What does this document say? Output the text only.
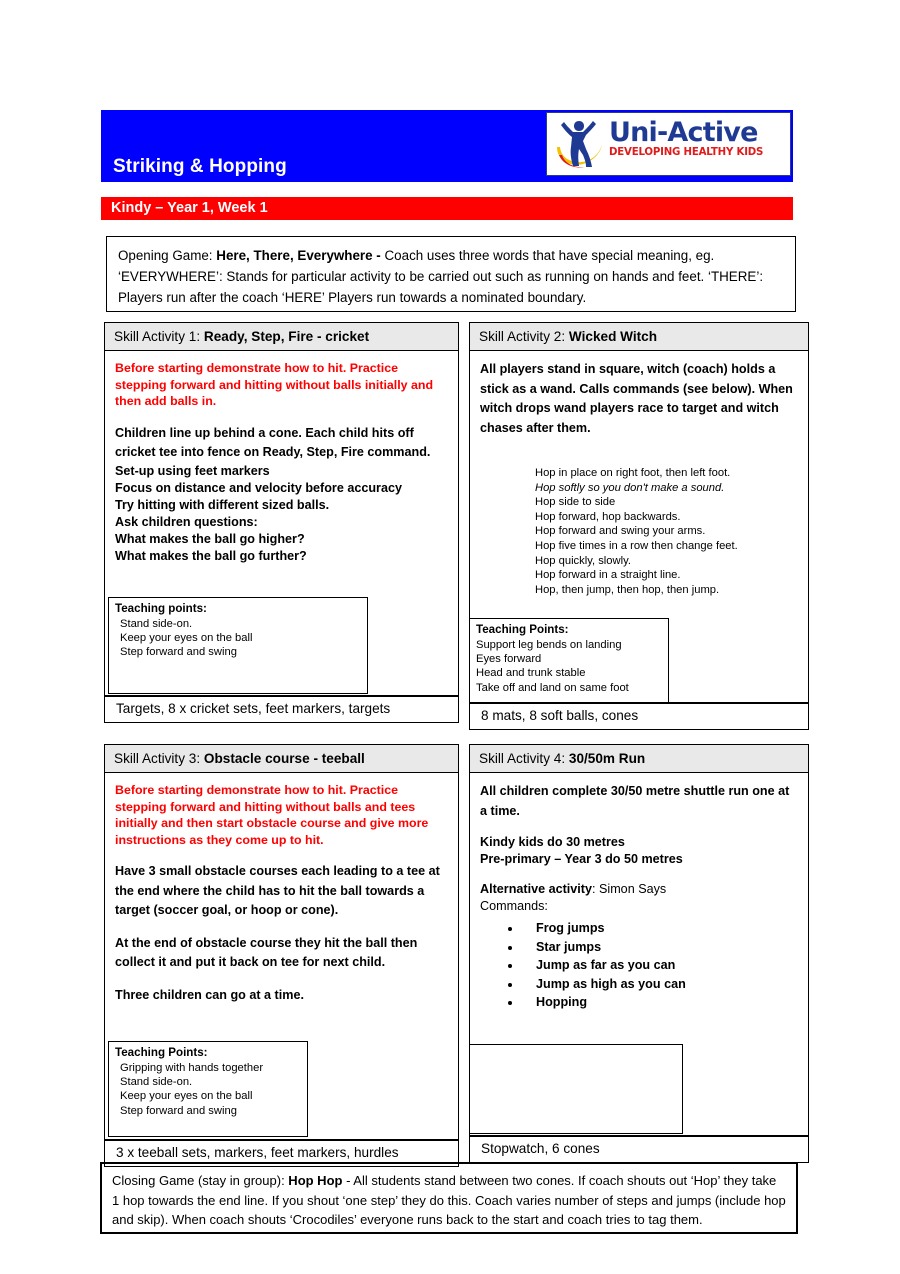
Striking & Hopping
Uni-Active
DEVELOPING HEALTHY KIDS
Kindy – Year 1, Week 1
Opening Game: Here, There, Everywhere - Coach uses three words that have special meaning, eg. ‘EVERYWHERE’: Stands for particular activity to be carried out such as running on hands and feet. ‘THERE’: Players run after the coach ‘HERE’ Players run towards a nominated boundary.
Skill Activity 1: Ready, Step, Fire - cricket
Before starting demonstrate how to hit. Practice stepping forward and hitting without balls initially and then add balls in.
Children line up behind a cone. Each child hits off cricket tee into fence on Ready, Step, Fire command.
Set-up using feet markers
Focus on distance and velocity before accuracy
Try hitting with different sized balls.
Ask children questions:
What makes the ball go higher?
What makes the ball go further?
Teaching points:
Stand side-on.
Keep your eyes on the ball
Step forward and swing
Targets, 8 x cricket sets, feet markers, targets
Skill Activity 2: Wicked Witch
All players stand in square, witch (coach) holds a stick as a wand. Calls commands (see below). When witch drops wand players race to target and witch chases after them.
Hop in place on right foot, then left foot.
Hop softly so you don't make a sound.
Hop side to side
Hop forward, hop backwards.
Hop forward and swing your arms.
Hop five times in a row then change feet.
Hop quickly, slowly.
Hop forward in a straight line.
Hop, then jump, then hop, then jump.
Teaching Points:
Support leg bends on landing
Eyes forward
Head and trunk stable
Take off and land on same foot
8 mats, 8 soft balls, cones
Skill Activity 3: Obstacle course - teeball
Before starting demonstrate how to hit. Practice stepping forward and hitting without balls and tees initially and then start obstacle course and give more instructions as they come up to hit.
Have 3 small obstacle courses each leading to a tee at the end where the child has to hit the ball towards a target (soccer goal, or hoop or cone).
At the end of obstacle course they hit the ball then collect it and put it back on tee for next child.
Three children can go at a time.
Teaching Points:
Gripping with hands together
Stand side-on.
Keep your eyes on the ball
Step forward and swing
3 x teeball sets, markers, feet markers, hurdles
Skill Activity 4: 30/50m Run
All children complete 30/50 metre shuttle run one at a time.
Kindy kids do 30 metres
Pre-primary – Year 3 do 50 metres
Alternative activity: Simon Says
Commands:
• Frog jumps
• Star jumps
• Jump as far as you can
• Jump as high as you can
• Hopping
Stopwatch, 6 cones
Closing Game (stay in group): Hop Hop - All students stand between two cones. If coach shouts out ‘Hop’ they take 1 hop towards the end line. If you shout ‘one step’ they do this. Coach varies number of steps and jumps (include hop and skip). When coach shouts ‘Crocodiles’ everyone runs back to the start and coach tries to tag them.
